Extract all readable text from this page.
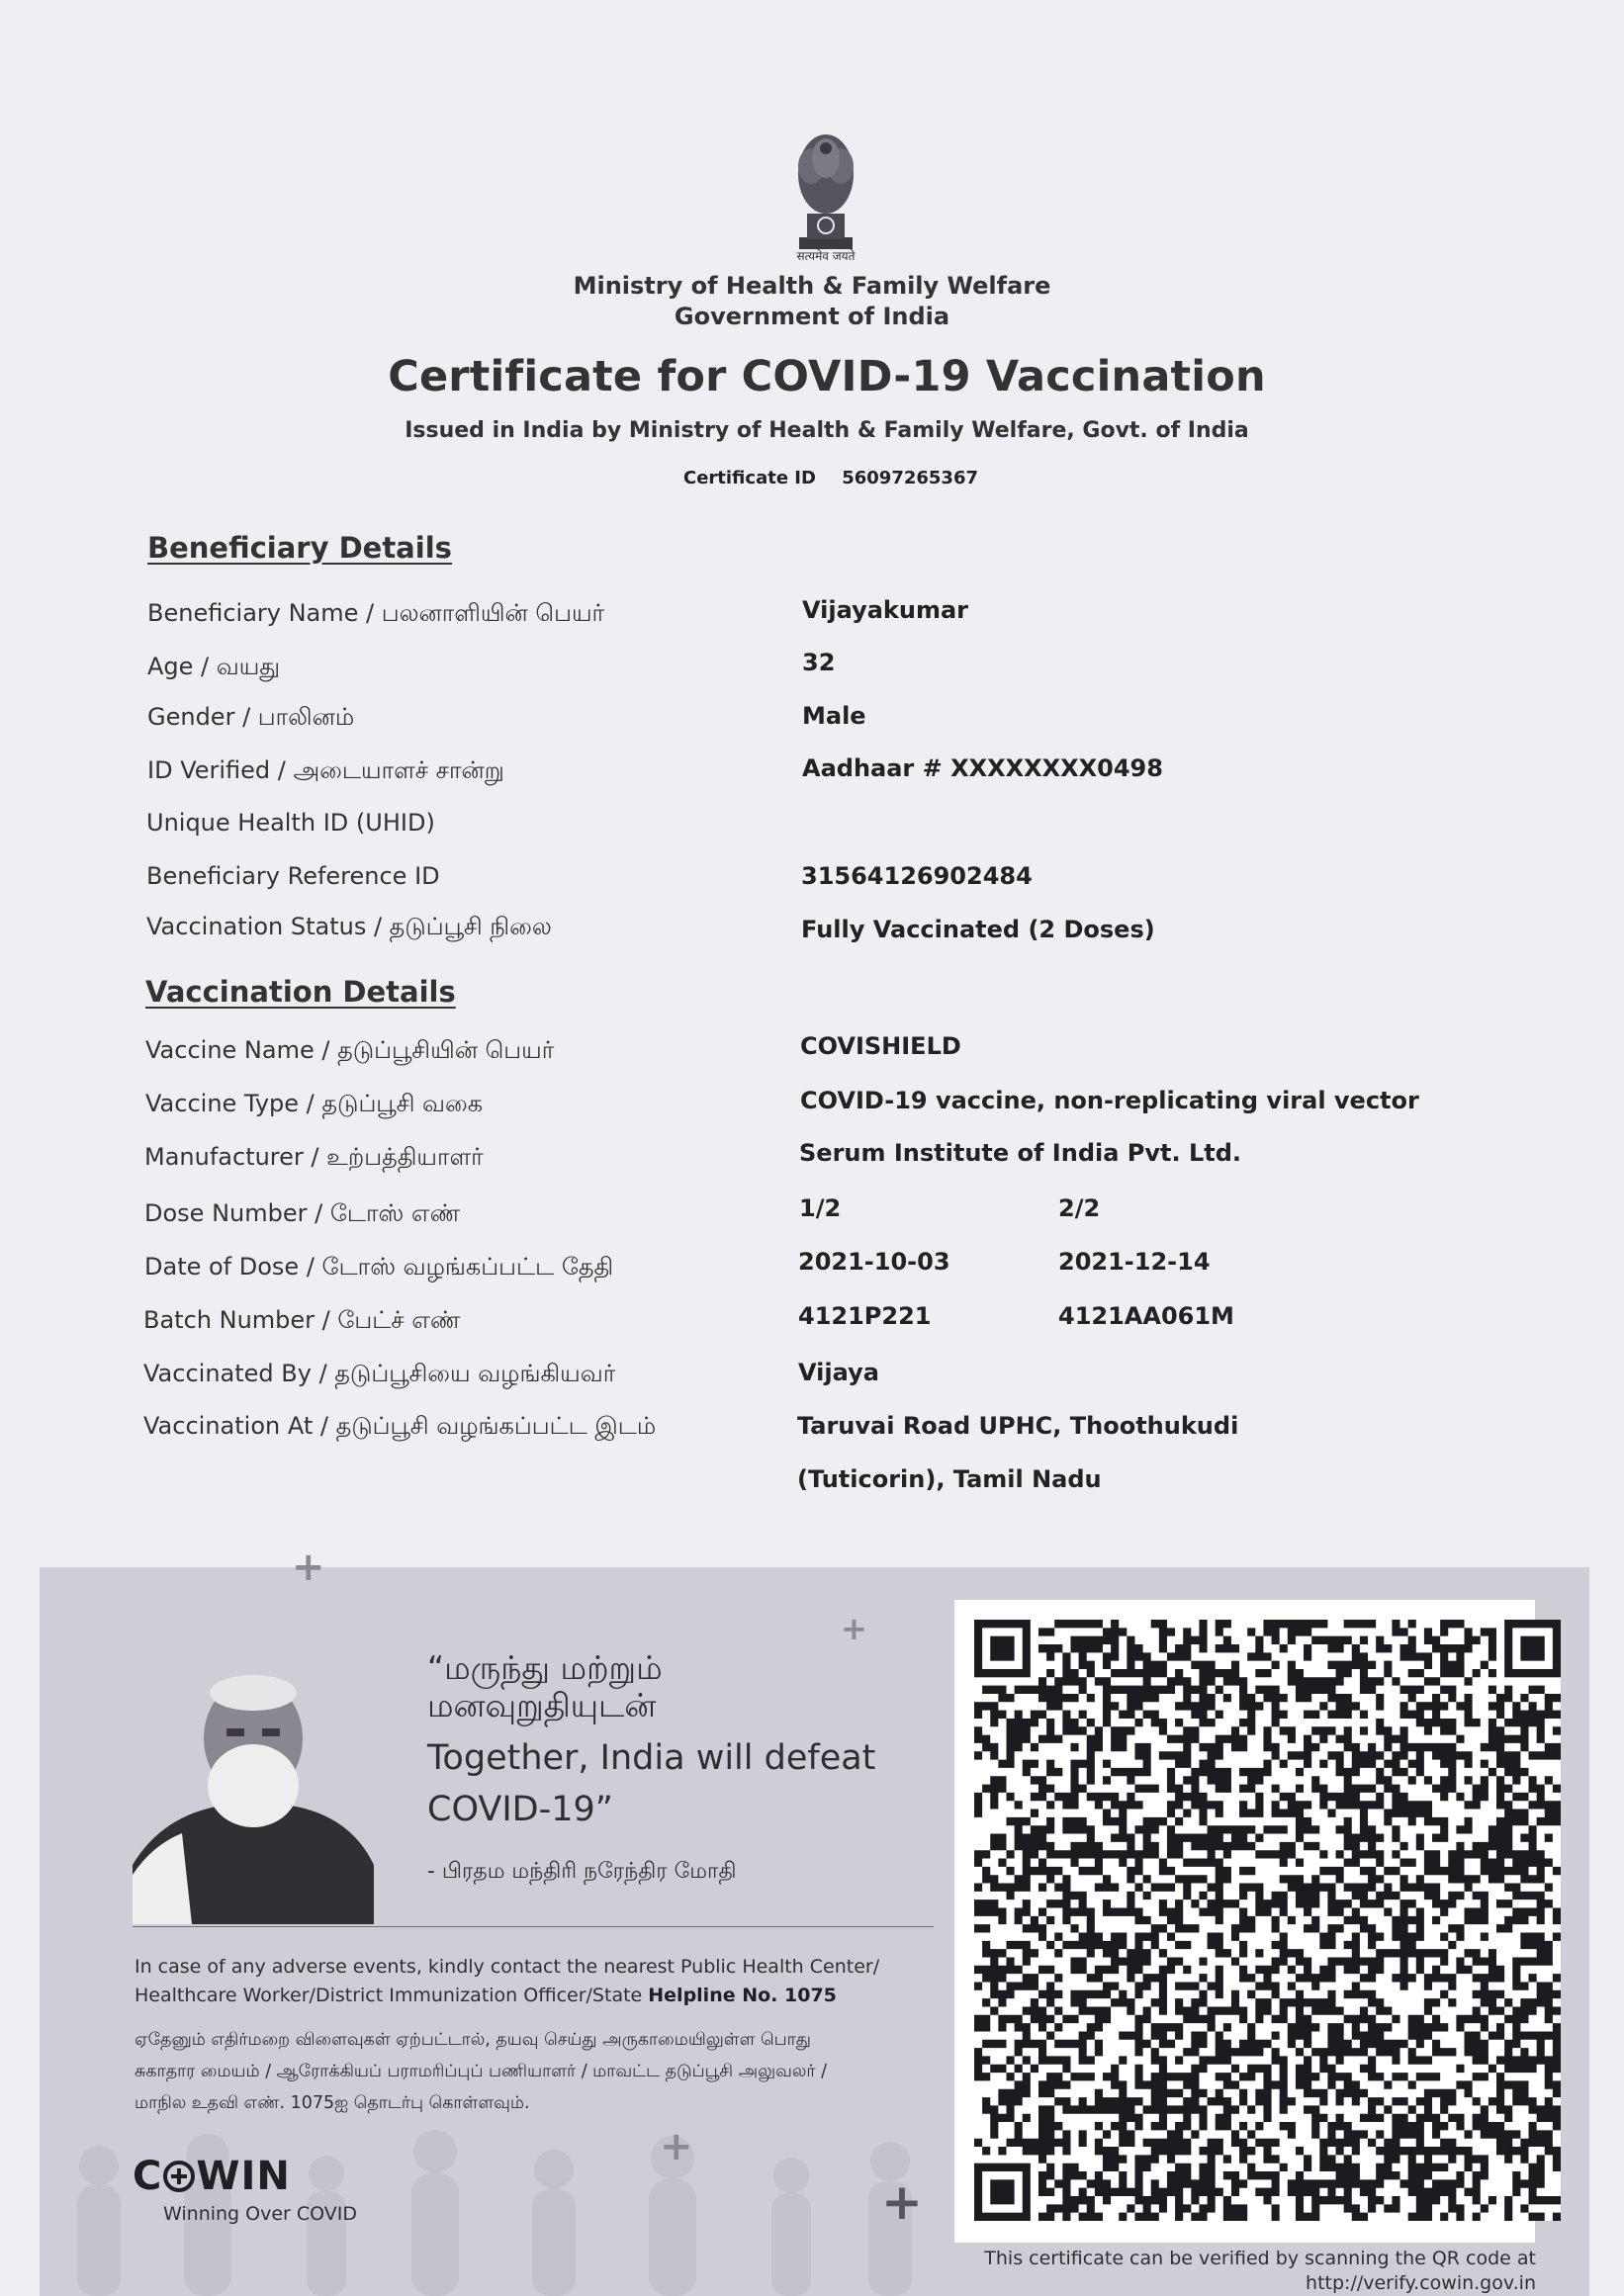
सत्यमेव जयते
Ministry of Health & Family Welfare
Government of India
Certificate for COVID-19 Vaccination
Issued in India by Ministry of Health & Family Welfare, Govt. of India
Certificate ID 56097265367
Beneficiary Details
Beneficiary Name / பலனாளியின் பெயர்	Vijayakumar
Age / வயது	32
Gender / பாலினம்	Male
ID Verified / அடையாளச் சான்று	Aadhaar # XXXXXXXX0498
Unique Health ID (UHID)
Beneficiary Reference ID	31564126902484
Vaccination Status / தடுப்பூசி நிலை	Fully Vaccinated (2 Doses)
Vaccination Details
Vaccine Name / தடுப்பூசியின் பெயர்	COVISHIELD
Vaccine Type / தடுப்பூசி வகை	COVID-19 vaccine, non-replicating viral vector
Manufacturer / உற்பத்தியாளர்	Serum Institute of India Pvt. Ltd.
Dose Number / டோஸ் எண்	1/2	2/2
Date of Dose / டோஸ் வழங்கப்பட்ட தேதி	2021-10-03	2021-12-14
Batch Number / பேட்ச் எண்	4121P221	4121AA061M
Vaccinated By / தடுப்பூசியை வழங்கியவர்	Vijaya
Vaccination At / தடுப்பூசி வழங்கப்பட்ட இடம்	Taruvai Road UPHC, Thoothukudi
(Tuticorin), Tamil Nadu
+
+
+
+
“மருந்து மற்றும்
மனவுறுதியுடன்
Together, India will defeat
COVID-19”
- பிரதம மந்திரி நரேந்திர மோதி
In case of any adverse events, kindly contact the nearest Public Health Center/
Healthcare Worker/District Immunization Officer/State Helpline No. 1075
ஏதேனும் எதிர்மறை விளைவுகள் ஏற்பட்டால், தயவு செய்து அருகாமையிலுள்ள பொது
சுகாதார மையம் / ஆரோக்கியப் பராமரிப்புப் பணியாளர் / மாவட்ட தடுப்பூசி அலுவலர் /
மாநில உதவி எண். 1075ஐ தொடர்பு கொள்ளவும்.
C WIN
Winning Over COVID
This certificate can be verified by scanning the QR code at
http://verify.cowin.gov.in
